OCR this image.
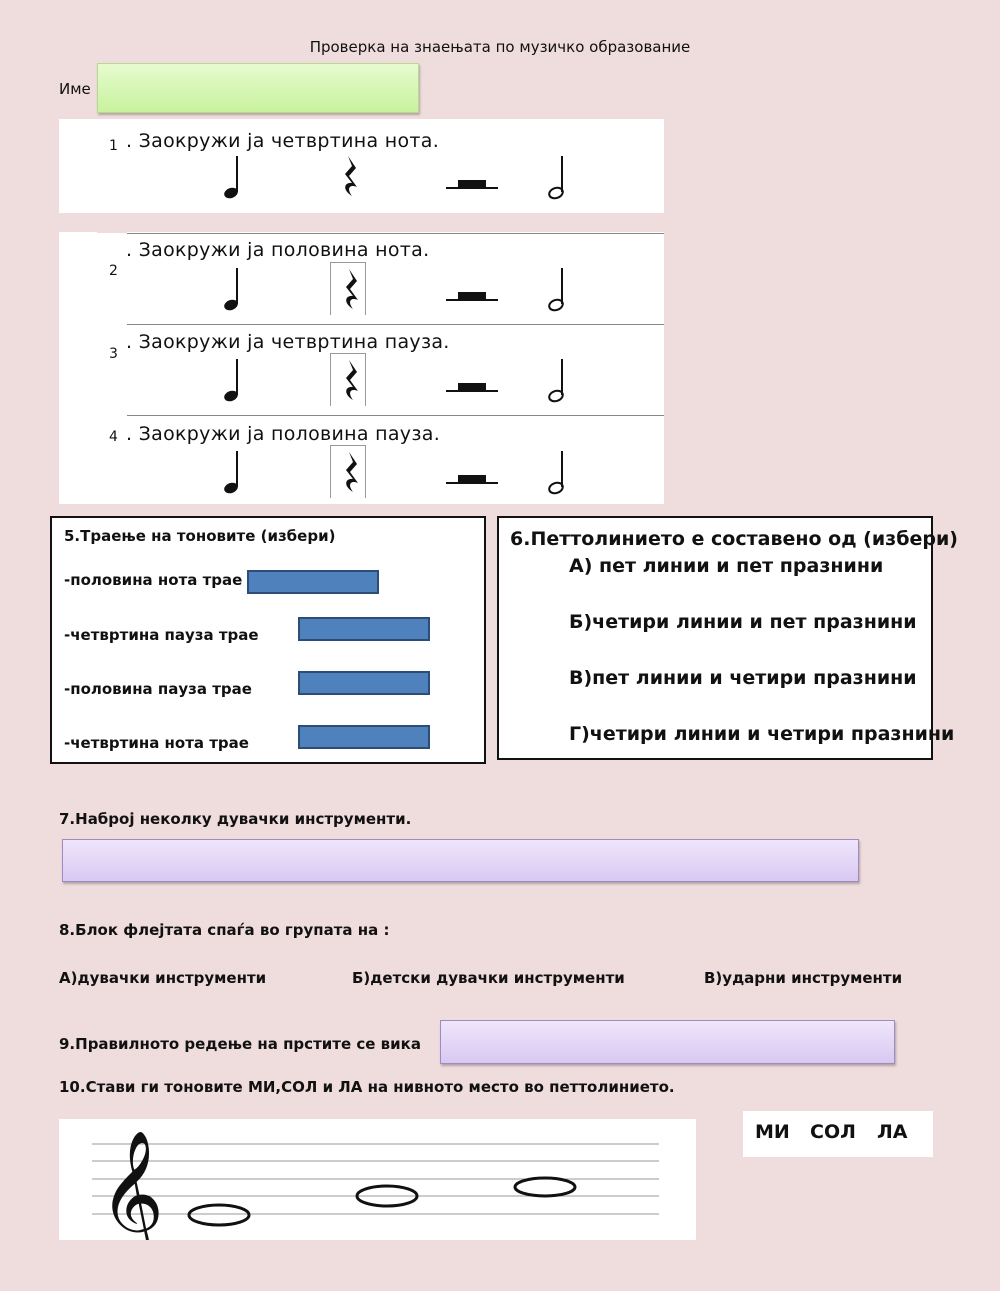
Проверка на знаењата по музичко образование
Име
1 . Заокружи ја четвртина нота.
2
. Заокружи ја половина нота.
3
. Заокружи ја четвртина пауза.
4 . Заокружи ја половина пауза.
5.Траење на тоновите (избери)
-половина нота трае
-четвртина пауза трае
-половина пауза трае
-четвртина нота трае
6.Петтолинието е составено од (избери)
А) пет линии и пет празнини
Б)четири линии и пет празнини
В)пет линии и четири празнини
Г)четири линии и четири празнини
7.Наброј неколку дувачки инструменти.
8.Блок флејтата спаѓа во групата на :
А)дувачки инструменти	Б)детски дувачки инструменти	В)ударни инструменти
9.Правилното редење на прстите се вика
10.Стави ги тоновите МИ,СОЛ и ЛА на нивното место во петтолинието.
𝄞	МИ СОЛ ЛА
